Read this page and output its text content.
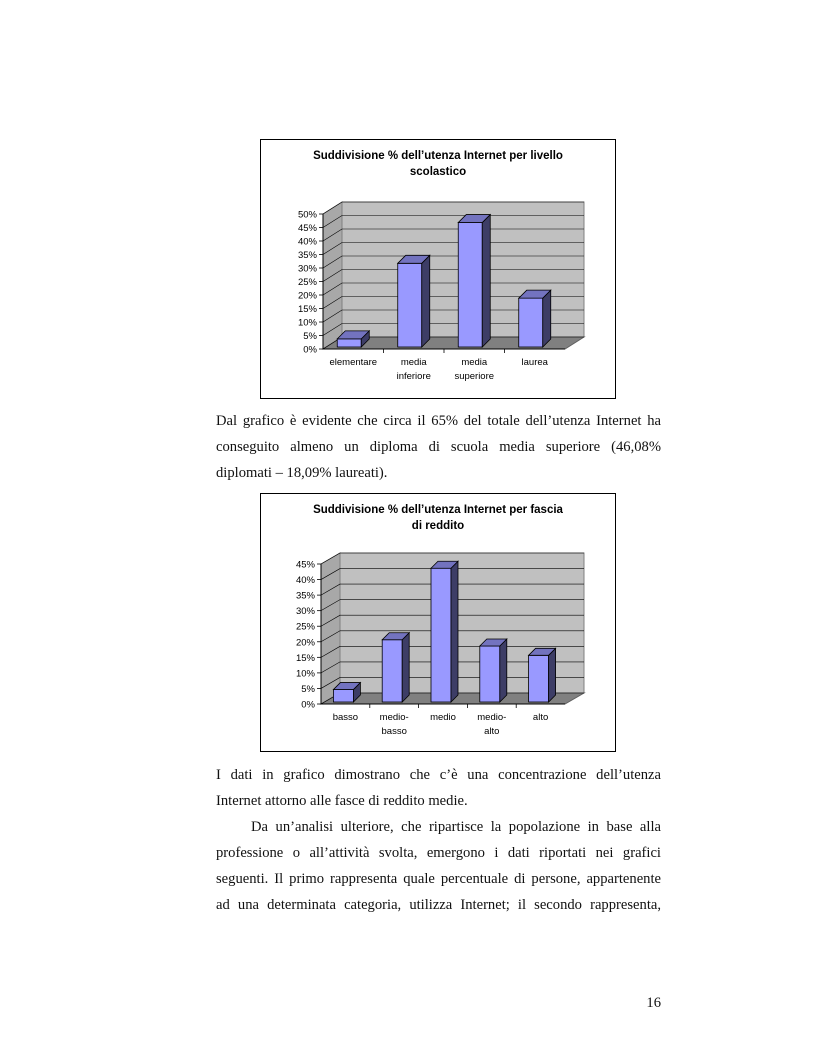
Suddivisione % dell’utenza Internet per livello
scolastico
0%
5%
10%
15%
20%
25%
30%
35%
40%
45%
50%
elementare	media
inferiore
media
superiore
laurea
Dal grafico è evidente che circa il 65% del totale dell’utenza Internet ha
conseguito almeno un diploma di scuola media superiore (46,08%
diplomati – 18,09% laureati).
Suddivisione % dell’utenza Internet per fascia
di reddito
0%
5%
10%
15%
20%
25%
30%
35%
40%
45%
basso medio-
basso
medio medio-
alto
alto
I dati in grafico dimostrano che c’è una concentrazione dell’utenza
Internet attorno alle fasce di reddito medie.
Da un’analisi ulteriore, che ripartisce la popolazione in base alla
professione o all’attività svolta, emergono i dati riportati nei grafici
seguenti. Il primo rappresenta quale percentuale di persone, appartenente
ad una determinata categoria, utilizza Internet; il secondo rappresenta,
16
